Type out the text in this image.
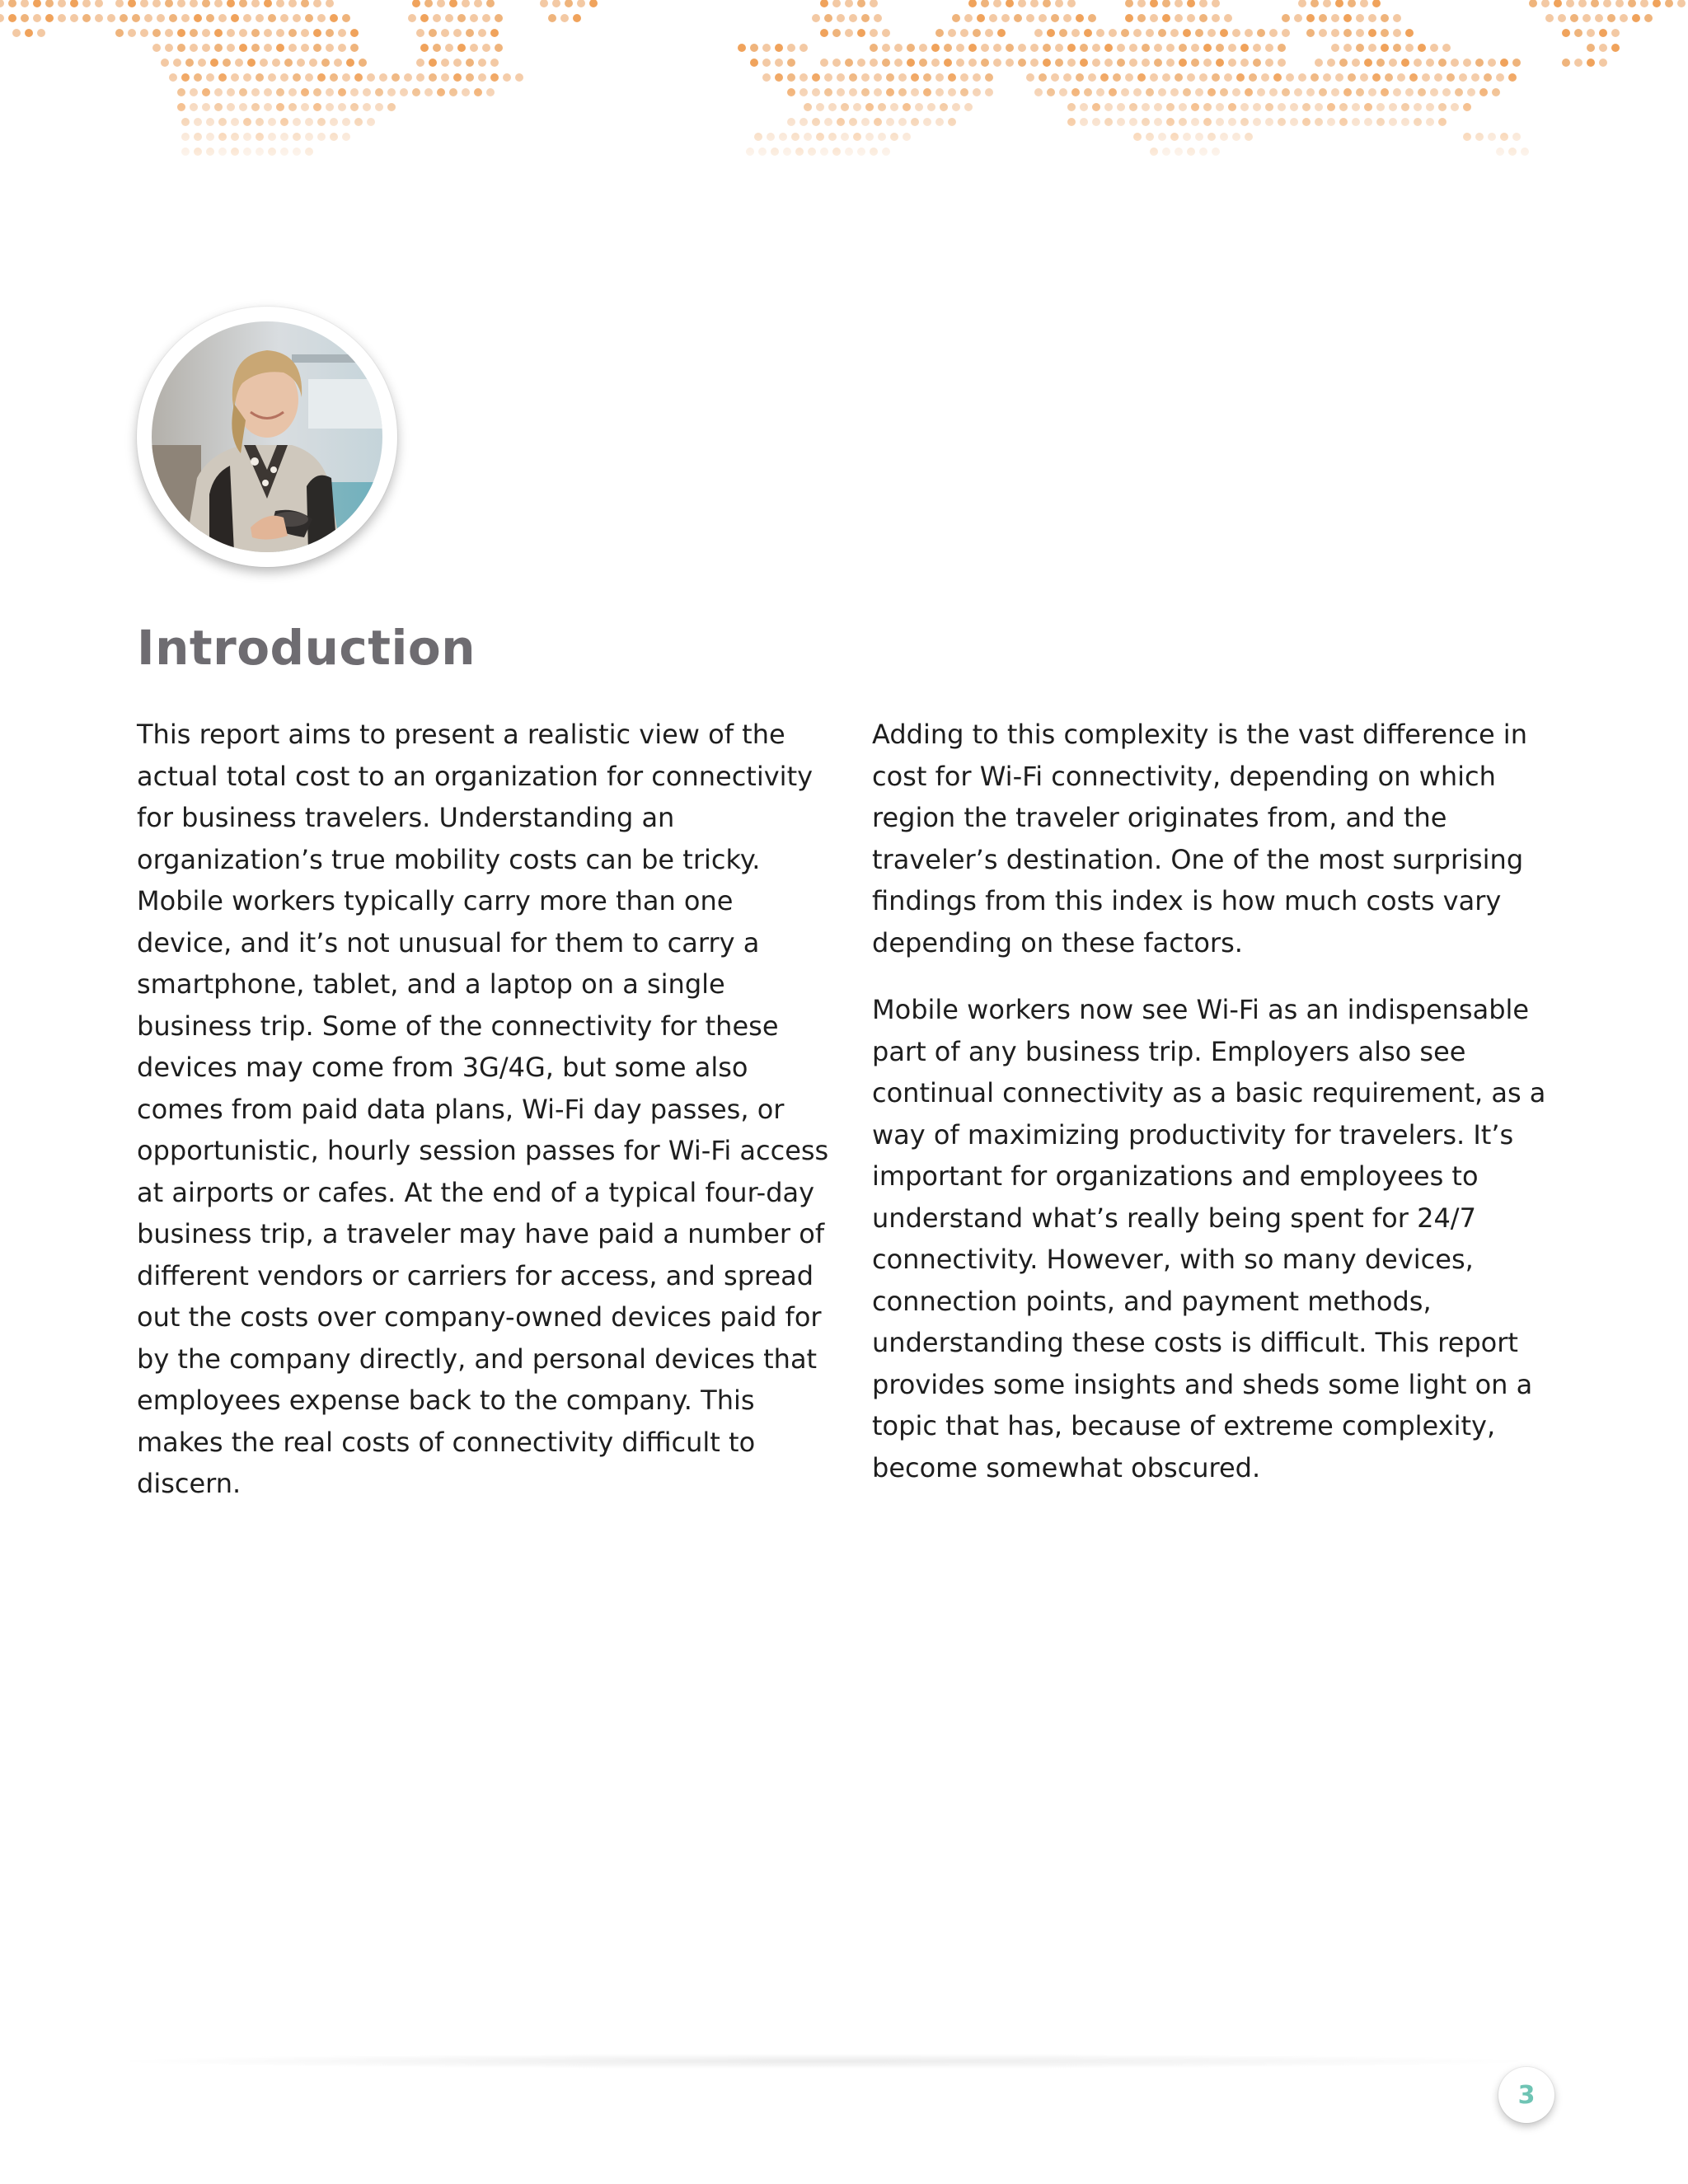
Introduction

This report aims to present a realistic view of the actual total cost to an organization for connectivity for business travelers. Understanding an organization’s true mobility costs can be tricky. Mobile workers typically carry more than one device, and it’s not unusual for them to carry a smartphone, tablet, and a laptop on a single business trip. Some of the connectivity for these devices may come from 3G/4G, but some also comes from paid data plans, Wi-Fi day passes, or opportunistic, hourly session passes for Wi-Fi access at airports or cafes. At the end of a typical four-day business trip, a traveler may have paid a number of different vendors or carriers for access, and spread out the costs over company-owned devices paid for by the company directly, and personal devices that employees expense back to the company. This makes the real costs of connectivity difficult to discern.

Adding to this complexity is the vast difference in cost for Wi-Fi connectivity, depending on which region the traveler originates from, and the traveler’s destination. One of the most surprising findings from this index is how much costs vary depending on these factors.

Mobile workers now see Wi-Fi as an indispensable part of any business trip. Employers also see continual connectivity as a basic requirement, as a way of maximizing productivity for travelers. It’s important for organizations and employees to understand what’s really being spent for 24/7 connectivity. However, with so many devices, connection points, and payment methods, understanding these costs is difficult. This report provides some insights and sheds some light on a topic that has, because of extreme complexity, become somewhat obscured.

3
